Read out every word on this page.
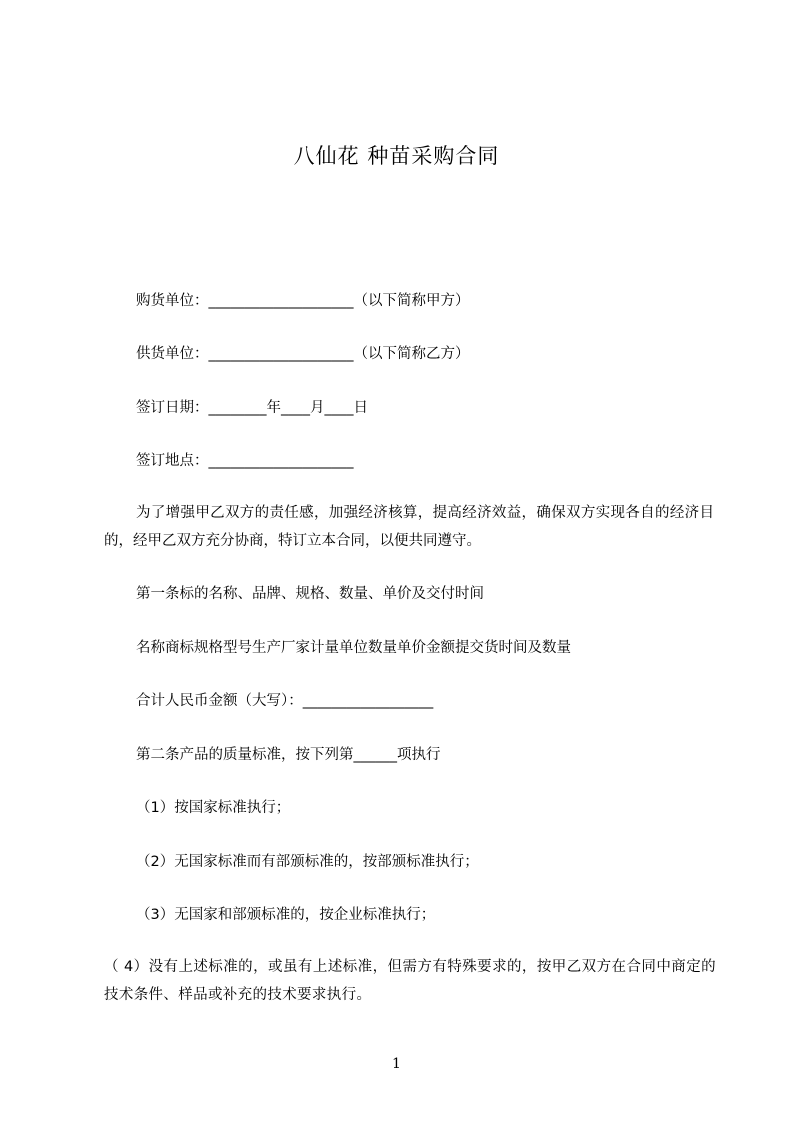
八仙花 种苗采购合同
购货单位：____________________（以下简称甲方）
供货单位：____________________（以下简称乙方）
签订日期：________年____月____日
签订地点：____________________
为了增强甲乙双方的责任感，加强经济核算，提高经济效益，确保双方实现各自的经济目的，经甲乙双方充分协商，特订立本合同，以便共同遵守。
第一条标的名称、品牌、规格、数量、单价及交付时间
名称商标规格型号生产厂家计量单位数量单价金额提交货时间及数量
合计人民币金额（大写）：__________________
第二条产品的质量标准，按下列第______项执行
（1）按国家标准执行；
（2）无国家标准而有部颁标准的，按部颁标准执行；
（3）无国家和部颁标准的，按企业标准执行；
（ 4）没有上述标准的，或虽有上述标准，但需方有特殊要求的，按甲乙双方在合同中商定的技术条件、样品或补充的技术要求执行。
1
